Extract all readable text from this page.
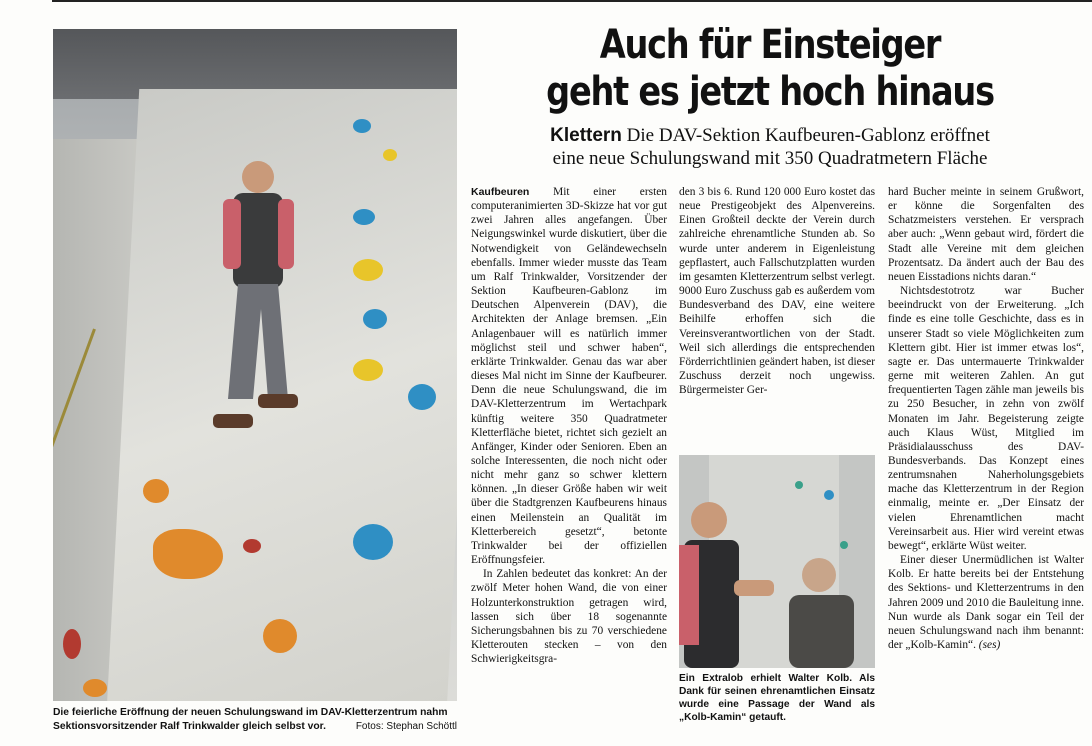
Die feierliche Eröffnung der neuen Schulungswand im DAV-Kletterzentrum nahm Sektionsvorsitzender Ralf Trinkwalder gleich selbst vor.	Fotos: Stephan Schöttl
Auch für Einsteiger
geht es jetzt hoch hinaus
Klettern Die DAV-Sektion Kaufbeuren-Gablonz eröffnet
eine neue Schulungswand mit 350 Quadratmetern Fläche

Kaufbeuren Mit einer ersten computeranimierten 3D-Skizze hat vor gut zwei Jahren alles angefangen. Über Neigungswinkel wurde diskutiert, über die Notwendigkeit von Geländewechseln ebenfalls. Immer wieder musste das Team um Ralf Trinkwalder, Vorsitzender der Sektion Kaufbeuren-Gablonz im Deutschen Alpenverein (DAV), die Architekten der Anlage bremsen. „Ein Anlagenbauer will es natürlich immer möglichst steil und schwer haben“, erklärte Trinkwalder. Genau das war aber dieses Mal nicht im Sinne der Kaufbeurer. Denn die neue Schulungswand, die im DAV-Kletterzentrum im Wertachpark künftig weitere 350 Quadratmeter Kletterfläche bietet, richtet sich gezielt an Anfänger, Kinder oder Senioren. Eben an solche Interessenten, die noch nicht oder nicht mehr ganz so schwer klettern können. „In dieser Größe haben wir weit über die Stadtgrenzen Kaufbeurens hinaus einen Meilenstein an Qualität im Kletterbereich gesetzt“, betonte Trinkwalder bei der offiziellen Eröffnungsfeier.

In Zahlen bedeutet das konkret: An der zwölf Meter hohen Wand, die von einer Holzunterkonstruktion getragen wird, lassen sich über 18 sogenannte Sicherungsbahnen bis zu 70 verschiedene Kletterouten stecken – von den Schwierigkeitsgra-

den 3 bis 6. Rund 120 000 Euro kostet das neue Prestigeobjekt des Alpenvereins. Einen Großteil deckte der Verein durch zahlreiche ehrenamtliche Stunden ab. So wurde unter anderem in Eigenleistung gepflastert, auch Fallschutzplatten wurden im gesamten Kletterzentrum selbst verlegt. 9000 Euro Zuschuss gab es außerdem vom Bundesverband des DAV, eine weitere Beihilfe erhoffen sich die Vereinsverantwortlichen von der Stadt. Weil sich allerdings die entsprechenden Förderrichtlinien geändert haben, ist dieser Zuschuss derzeit noch ungewiss. Bürgermeister Ger-

Ein Extralob erhielt Walter Kolb. Als Dank für seinen ehrenamtlichen Einsatz wurde eine Passage der Wand als „Kolb-Kamin“ getauft.

hard Bucher meinte in seinem Grußwort, er könne die Sorgenfalten des Schatzmeisters verstehen. Er versprach aber auch: „Wenn gebaut wird, fördert die Stadt alle Vereine mit dem gleichen Prozentsatz. Da ändert auch der Bau des neuen Eisstadions nichts daran.“

Nichtsdestotrotz war Bucher beeindruckt von der Erweiterung. „Ich finde es eine tolle Geschichte, dass es in unserer Stadt so viele Möglichkeiten zum Klettern gibt. Hier ist immer etwas los“, sagte er. Das untermauerte Trinkwalder gerne mit weiteren Zahlen. An gut frequentierten Tagen zähle man jeweils bis zu 250 Besucher, in zehn von zwölf Monaten im Jahr. Begeisterung zeigte auch Klaus Wüst, Mitglied im Präsidialausschuss des DAV-Bundesverbands. Das Konzept eines zentrumsnahen Naherholungsgebiets mache das Kletterzentrum in der Region einmalig, meinte er. „Der Einsatz der vielen Ehrenamtlichen macht Vereinsarbeit aus. Hier wird vereint etwas bewegt“, erklärte Wüst weiter.

Einer dieser Unermüdlichen ist Walter Kolb. Er hatte bereits bei der Entstehung des Sektions- und Kletterzentrums in den Jahren 2009 und 2010 die Bauleitung inne. Nun wurde als Dank sogar ein Teil der neuen Schulungswand nach ihm benannt: der „Kolb-Kamin“. (ses)
